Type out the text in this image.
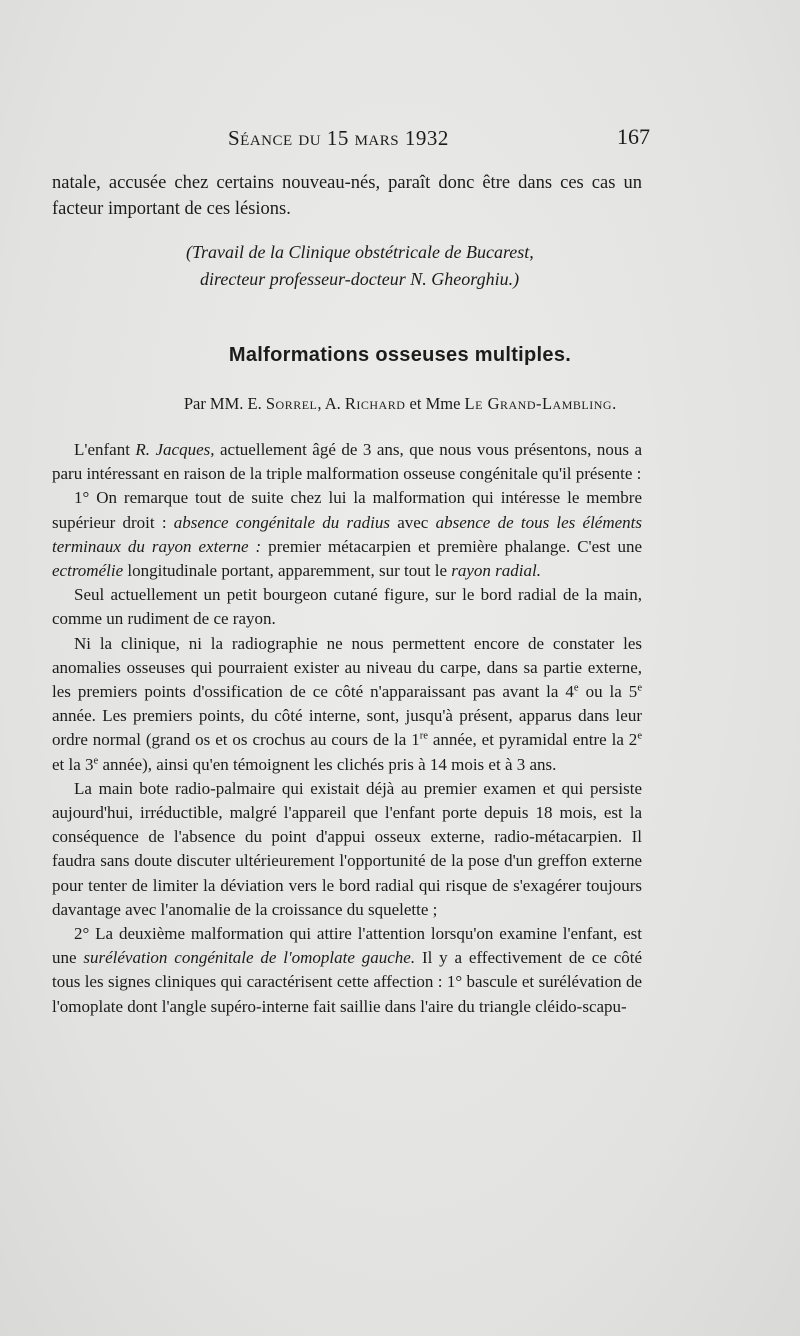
Séance du 15 mars 1932	167

natale, accusée chez certains nouveau-nés, paraît donc être dans ces cas un facteur important de ces lésions.

(Travail de la Clinique obstétricale de Bucarest,
directeur professeur-docteur N. Gheorghiu.)
Malformations osseuses multiples.
Par MM. E. Sorrel, A. Richard et Mme Le Grand-Lambling.

L'enfant R. Jacques, actuellement âgé de 3 ans, que nous vous présentons, nous a paru intéressant en raison de la triple malformation osseuse congénitale qu'il présente :

1° On remarque tout de suite chez lui la malformation qui intéresse le membre supérieur droit : absence congénitale du radius avec absence de tous les éléments terminaux du rayon externe : premier métacarpien et première phalange. C'est une ectromélie longitudinale portant, apparemment, sur tout le rayon radial.

Seul actuellement un petit bourgeon cutané figure, sur le bord radial de la main, comme un rudiment de ce rayon.

Ni la clinique, ni la radiographie ne nous permettent encore de constater les anomalies osseuses qui pourraient exister au niveau du carpe, dans sa partie externe, les premiers points d'ossification de ce côté n'apparaissant pas avant la 4e ou la 5e année. Les premiers points, du côté interne, sont, jusqu'à présent, apparus dans leur ordre normal (grand os et os crochus au cours de la 1re année, et pyramidal entre la 2e et la 3e année), ainsi qu'en témoignent les clichés pris à 14 mois et à 3 ans.

La main bote radio-palmaire qui existait déjà au premier examen et qui persiste aujourd'hui, irréductible, malgré l'appareil que l'enfant porte depuis 18 mois, est la conséquence de l'absence du point d'appui osseux externe, radio-métacarpien. Il faudra sans doute discuter ultérieurement l'opportunité de la pose d'un greffon externe pour tenter de limiter la déviation vers le bord radial qui risque de s'exagérer toujours davantage avec l'anomalie de la croissance du squelette ;

2° La deuxième malformation qui attire l'attention lorsqu'on examine l'enfant, est une surélévation congénitale de l'omoplate gauche. Il y a effectivement de ce côté tous les signes cliniques qui caractérisent cette affection : 1° bascule et surélévation de l'omoplate dont l'angle supéro-interne fait saillie dans l'aire du triangle cléido-scapu-
